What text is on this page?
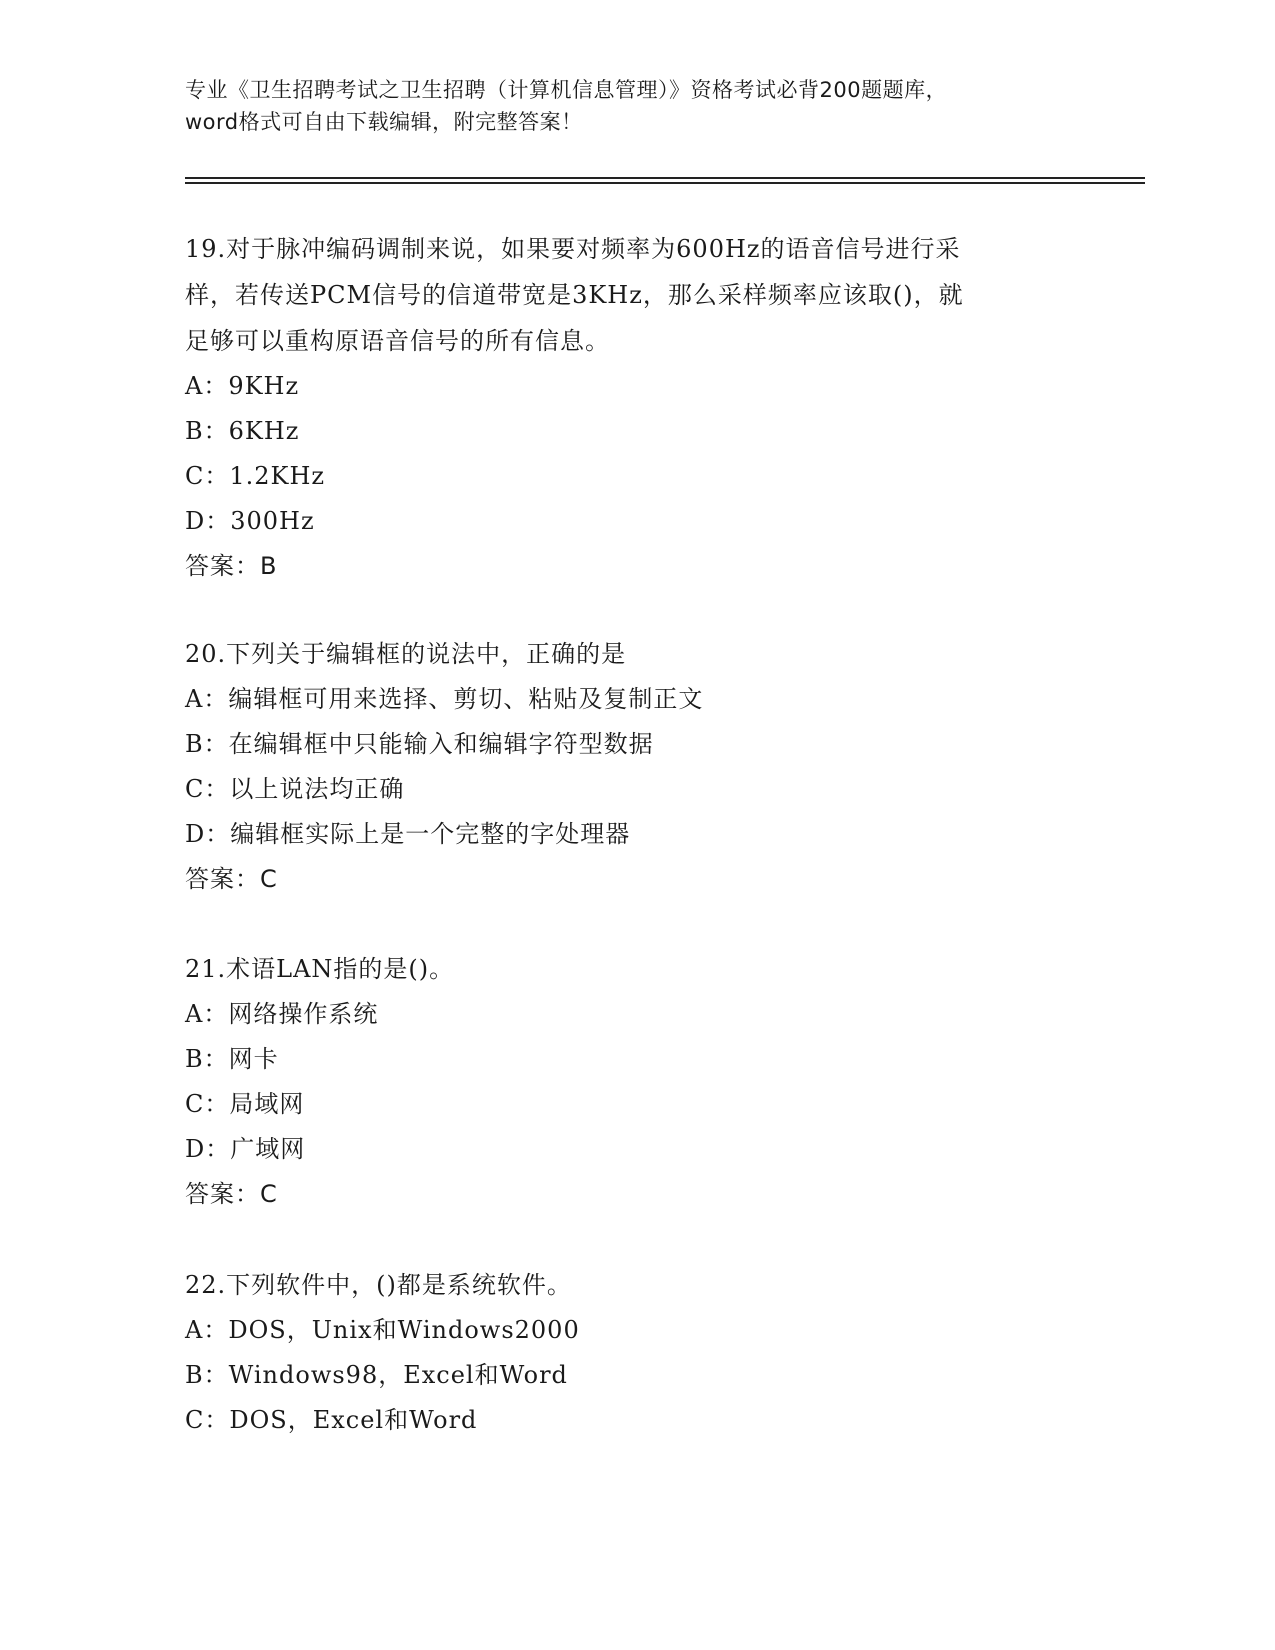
专业《卫生招聘考试之卫生招聘（计算机信息管理）》资格考试必背200题题库，
word格式可自由下载编辑，附完整答案！
19.对于脉冲编码调制来说，如果要对频率为600Hz的语音信号进行采
样，若传送PCM信号的信道带宽是3KHz，那么采样频率应该取()，就
足够可以重构原语音信号的所有信息。
A：9KHz
B：6KHz
C：1.2KHz
D：300Hz
答案：B
20.下列关于编辑框的说法中，正确的是
A：编辑框可用来选择、剪切、粘贴及复制正文
B：在编辑框中只能输入和编辑字符型数据
C：以上说法均正确
D：编辑框实际上是一个完整的字处理器
答案：C
21.术语LAN指的是()。
A：网络操作系统
B：网卡
C：局域网
D：广域网
答案：C
22.下列软件中，()都是系统软件。
A：DOS，Unix和Windows2000
B：Windows98，Excel和Word
C：DOS，Excel和Word
